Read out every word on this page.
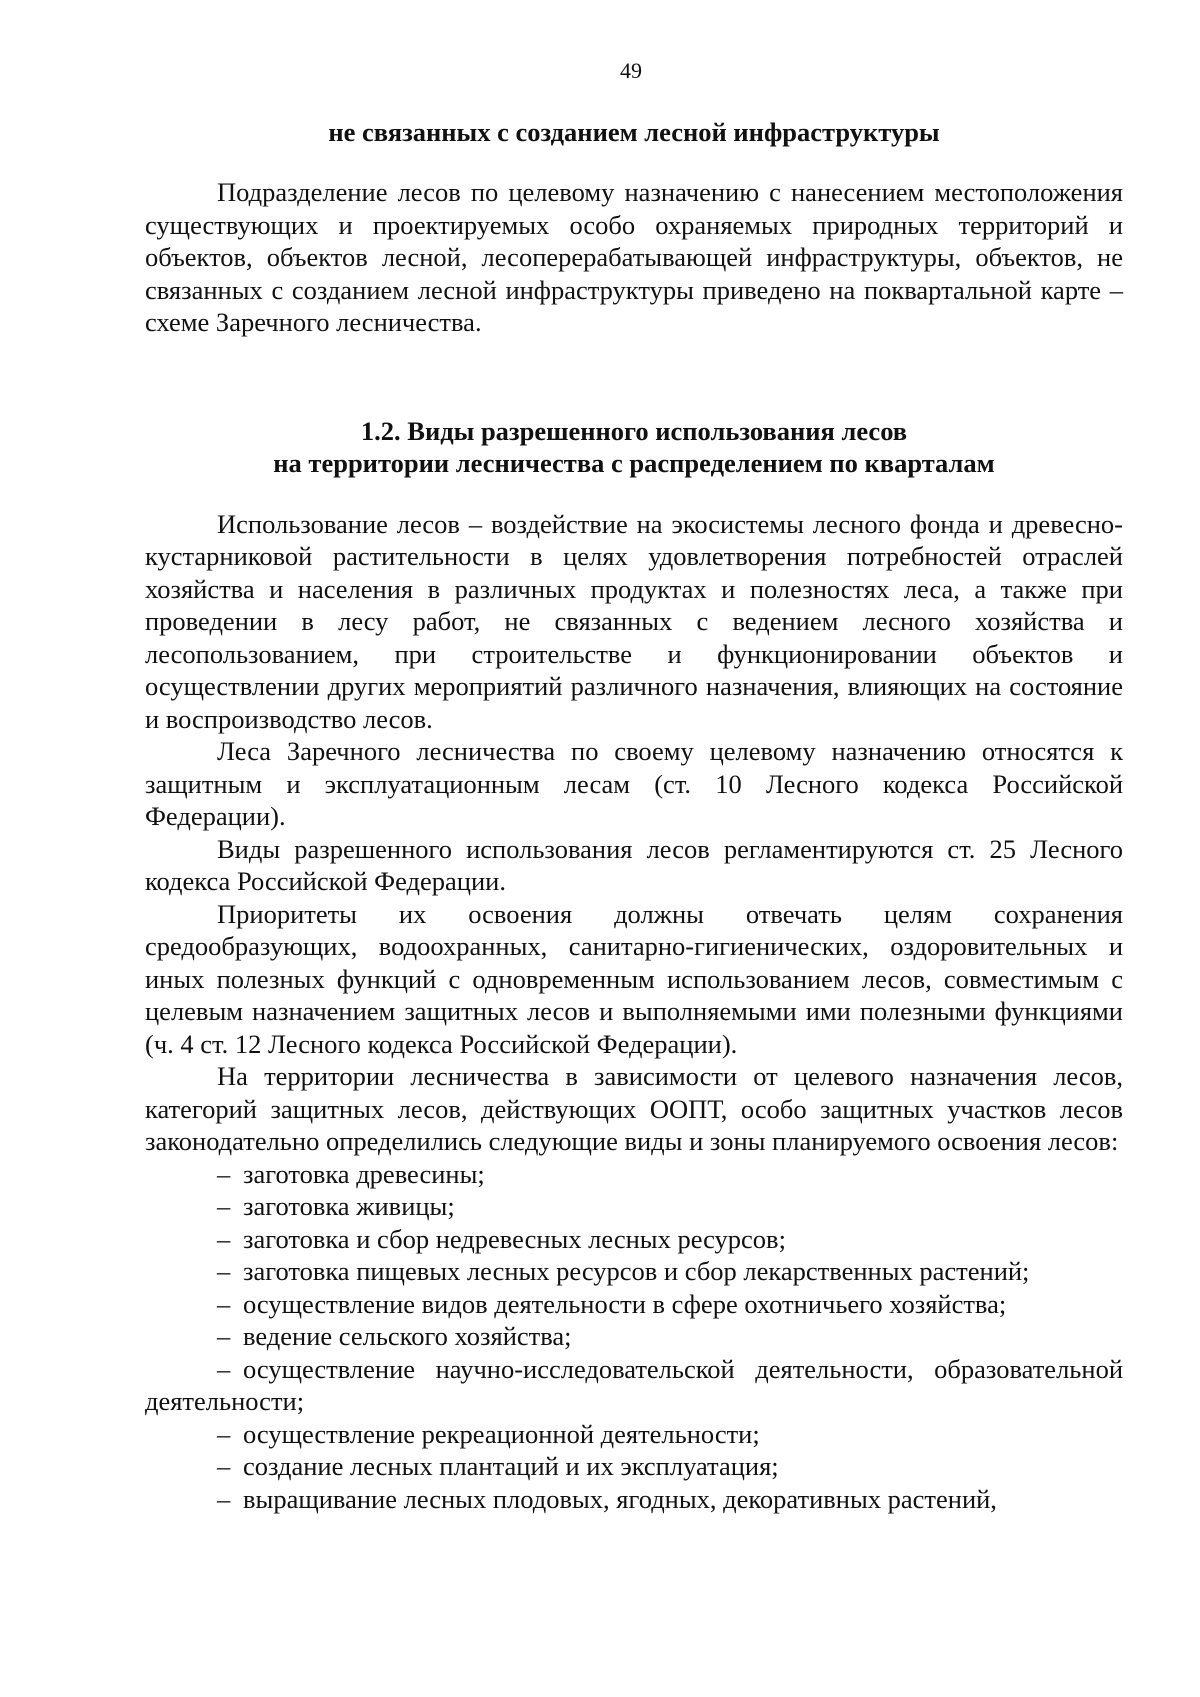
49

не связанных с созданием лесной инфраструктуры

Подразделение лесов по целевому назначению с нанесением местоположения существующих и проектируемых особо охраняемых природных территорий и объектов, объектов лесной, лесоперерабатывающей инфраструктуры, объектов, не связанных с созданием лесной инфраструктуры приведено на поквартальной карте – схеме Заречного лесничества.

1.2. Виды разрешенного использования лесов
на территории лесничества с распределением по кварталам

Использование лесов – воздействие на экосистемы лесного фонда и древесно-кустарниковой растительности в целях удовлетворения потребностей отраслей хозяйства и населения в различных продуктах и полезностях леса, а также при проведении в лесу работ, не связанных с ведением лесного хозяйства и лесопользованием, при строительстве и функционировании объектов и осуществлении других мероприятий различного назначения, влияющих на состояние и воспроизводство лесов.

Леса Заречного лесничества по своему целевому назначению относятся к защитным и эксплуатационным лесам (ст. 10 Лесного кодекса Российской Федерации).

Виды разрешенного использования лесов регламентируются ст. 25 Лесного кодекса Российской Федерации.

Приоритеты их освоения должны отвечать целям сохранения средообразующих, водоохранных, санитарно-гигиенических, оздоровительных и иных полезных функций с одновременным использованием лесов, совместимым с целевым назначением защитных лесов и выполняемыми ими полезными функциями (ч. 4 ст. 12 Лесного кодекса Российской Федерации).

На территории лесничества в зависимости от целевого назначения лесов, категорий защитных лесов, действующих ООПТ, особо защитных участков лесов законодательно определились следующие виды и зоны планируемого освоения лесов:

– заготовка древесины;
– заготовка живицы;
– заготовка и сбор недревесных лесных ресурсов;
– заготовка пищевых лесных ресурсов и сбор лекарственных растений;
– осуществление видов деятельности в сфере охотничьего хозяйства;
– ведение сельского хозяйства;
– осуществление научно-исследовательской деятельности, образовательной деятельности;
– осуществление рекреационной деятельности;
– создание лесных плантаций и их эксплуатация;
– выращивание лесных плодовых, ягодных, декоративных растений,
